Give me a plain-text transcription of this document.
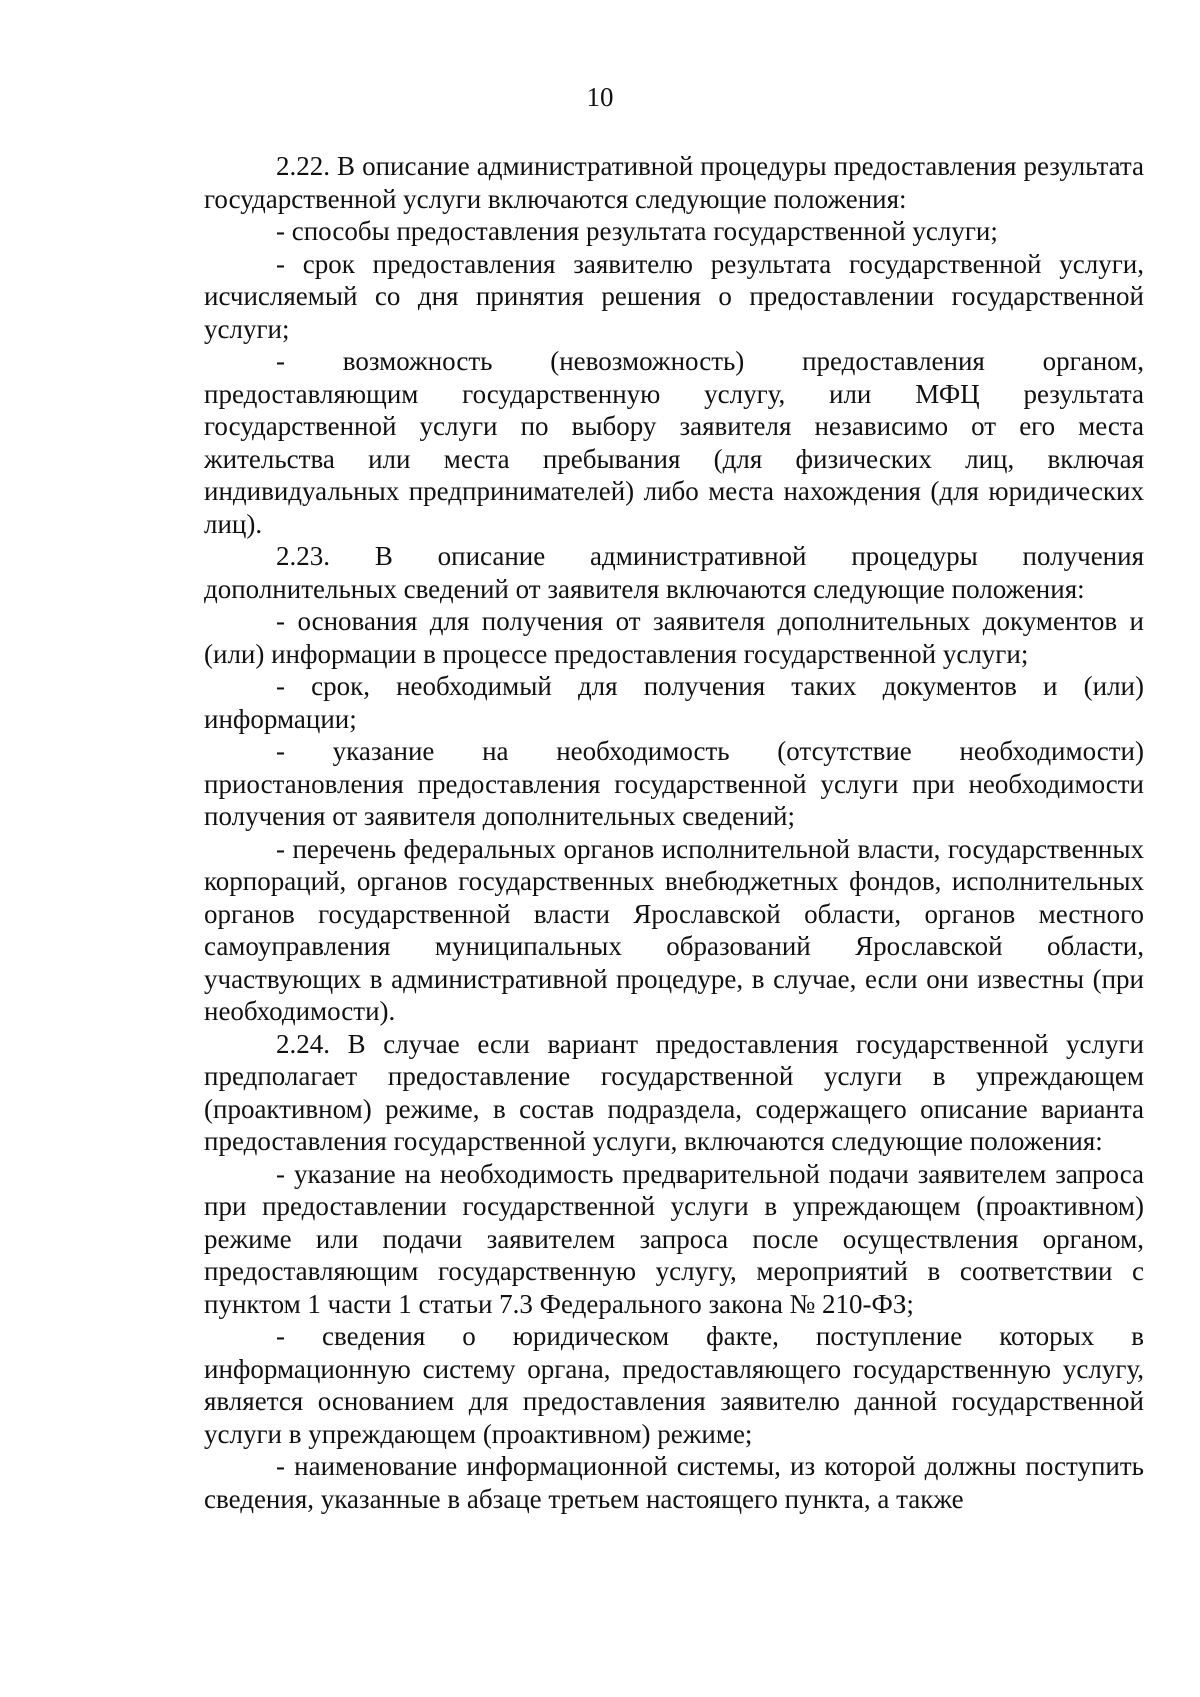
10

2.22. В описание административной процедуры предоставления результата государственной услуги включаются следующие положения:

- способы предоставления результата государственной услуги;

- срок предоставления заявителю результата государственной услуги, исчисляемый со дня принятия решения о предоставлении государственной услуги;

- возможность (невозможность) предоставления органом, предоставляющим государственную услугу, или МФЦ результата государственной услуги по выбору заявителя независимо от его места жительства или места пребывания (для физических лиц, включая индивидуальных предпринимателей) либо места нахождения (для юридических лиц).

2.23. В описание административной процедуры получения дополнительных сведений от заявителя включаются следующие положения:

- основания для получения от заявителя дополнительных документов и (или) информации в процессе предоставления государственной услуги;

- срок, необходимый для получения таких документов и (или) информации;

- указание на необходимость (отсутствие необходимости) приостановления предоставления государственной услуги при необходимости получения от заявителя дополнительных сведений;

- перечень федеральных органов исполнительной власти, государственных корпораций, органов государственных внебюджетных фондов, исполнительных органов государственной власти Ярославской области, органов местного самоуправления муниципальных образований Ярославской области, участвующих в административной процедуре, в случае, если они известны (при необходимости).

2.24. В случае если вариант предоставления государственной услуги предполагает предоставление государственной услуги в упреждающем (проактивном) режиме, в состав подраздела, содержащего описание варианта предоставления государственной услуги, включаются следующие положения:

- указание на необходимость предварительной подачи заявителем запроса при предоставлении государственной услуги в упреждающем (проактивном) режиме или подачи заявителем запроса после осуществления органом, предоставляющим государственную услугу, мероприятий в соответствии с пунктом 1 части 1 статьи 7.3 Федерального закона № 210-ФЗ;

- сведения о юридическом факте, поступление которых в информационную систему органа, предоставляющего государственную услугу, является основанием для предоставления заявителю данной государственной услуги в упреждающем (проактивном) режиме;

- наименование информационной системы, из которой должны поступить сведения, указанные в абзаце третьем настоящего пункта, а также
